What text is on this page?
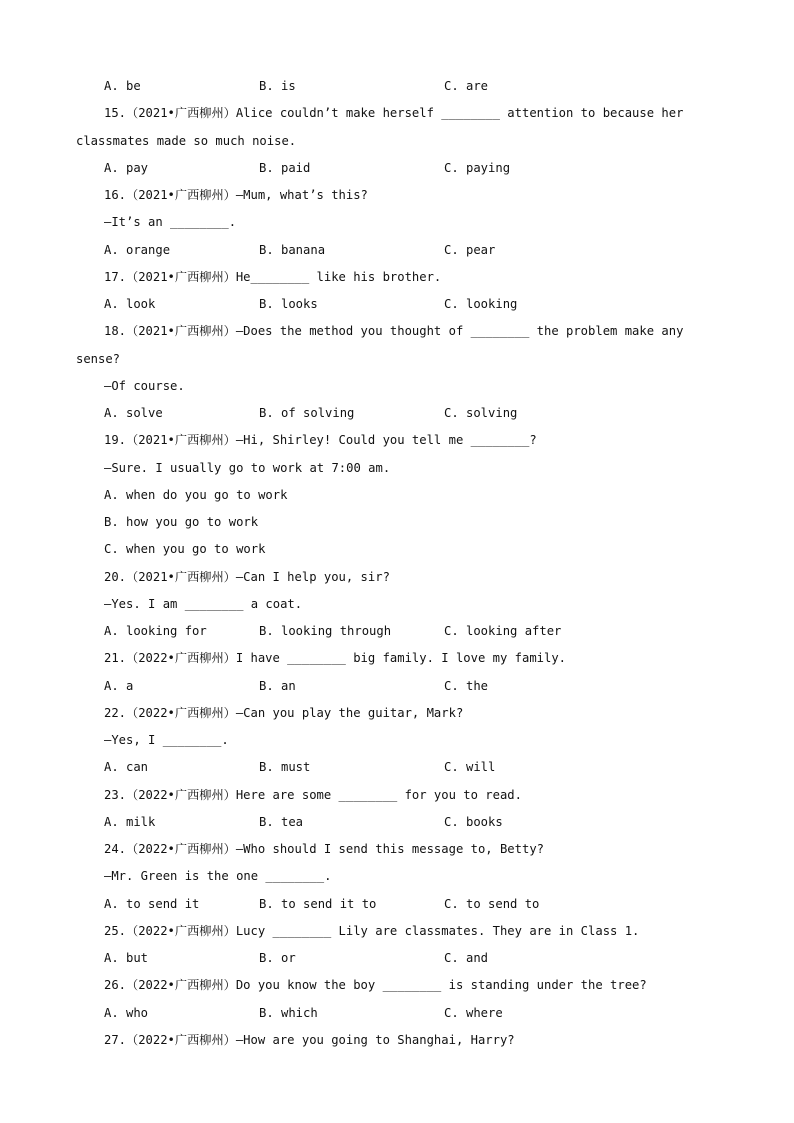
A. be	B. is	C. are
15.（2021•广西柳州）Alice couldn’t make herself ________ attention to because her
classmates made so much noise.
A. pay	B. paid	C. paying
16.（2021•广西柳州）—Mum, what’s this?
—It’s an ________.
A. orange	B. banana	C. pear
17.（2021•广西柳州）He________ like his brother.
A. look	B. looks	C. looking
18.（2021•广西柳州）—Does the method you thought of ________ the problem make any
sense?
—Of course.
A. solve	B. of solving	C. solving
19.（2021•广西柳州）—Hi, Shirley! Could you tell me ________?
—Sure. I usually go to work at 7:00 am.
A. when do you go to work
B. how you go to work
C. when you go to work
20.（2021•广西柳州）—Can I help you, sir?
—Yes. I am ________ a coat.
A. looking for	B. looking through	C. looking after
21.（2022•广西柳州）I have ________ big family. I love my family.
A. a	B. an	C. the
22.（2022•广西柳州）—Can you play the guitar, Mark?
—Yes, I ________.
A. can	B. must	C. will
23.（2022•广西柳州）Here are some ________ for you to read.
A. milk	B. tea	C. books
24.（2022•广西柳州）—Who should I send this message to, Betty?
—Mr. Green is the one ________.
A. to send it	B. to send it to	C. to send to
25.（2022•广西柳州）Lucy ________ Lily are classmates. They are in Class 1.
A. but	B. or	C. and
26.（2022•广西柳州）Do you know the boy ________ is standing under the tree?
A. who	B. which	C. where
27.（2022•广西柳州）—How are you going to Shanghai, Harry?
